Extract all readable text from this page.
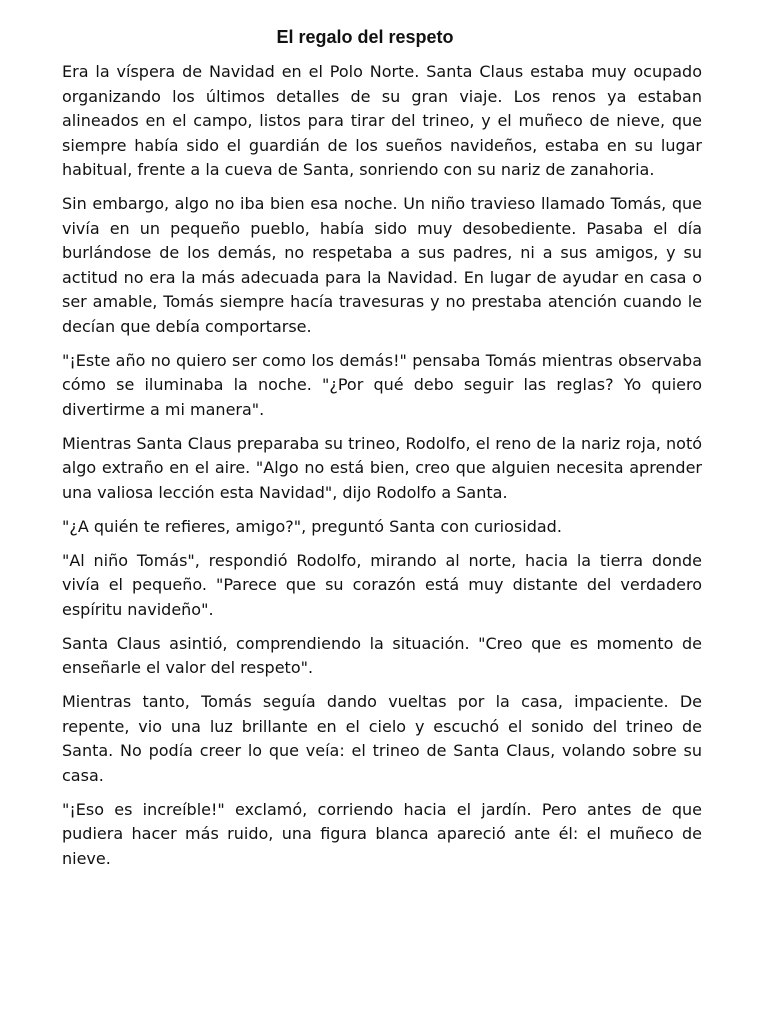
El regalo del respeto

Era la víspera de Navidad en el Polo Norte. Santa Claus estaba muy ocupado organizando los últimos detalles de su gran viaje. Los renos ya estaban alineados en el campo, listos para tirar del trineo, y el muñeco de nieve, que siempre había sido el guardián de los sueños navideños, estaba en su lugar habitual, frente a la cueva de Santa, sonriendo con su nariz de zanahoria.

Sin embargo, algo no iba bien esa noche. Un niño travieso llamado Tomás, que vivía en un pequeño pueblo, había sido muy desobediente. Pasaba el día burlándose de los demás, no respetaba a sus padres, ni a sus amigos, y su actitud no era la más adecuada para la Navidad. En lugar de ayudar en casa o ser amable, Tomás siempre hacía travesuras y no prestaba atención cuando le decían que debía comportarse.

"¡Este año no quiero ser como los demás!" pensaba Tomás mientras observaba cómo se iluminaba la noche. "¿Por qué debo seguir las reglas? Yo quiero divertirme a mi manera".

Mientras Santa Claus preparaba su trineo, Rodolfo, el reno de la nariz roja, notó algo extraño en el aire. "Algo no está bien, creo que alguien necesita aprender una valiosa lección esta Navidad", dijo Rodolfo a Santa.

"¿A quién te refieres, amigo?", preguntó Santa con curiosidad.

"Al niño Tomás", respondió Rodolfo, mirando al norte, hacia la tierra donde vivía el pequeño. "Parece que su corazón está muy distante del verdadero espíritu navideño".

Santa Claus asintió, comprendiendo la situación. "Creo que es momento de enseñarle el valor del respeto".

Mientras tanto, Tomás seguía dando vueltas por la casa, impaciente. De repente, vio una luz brillante en el cielo y escuchó el sonido del trineo de Santa. No podía creer lo que veía: el trineo de Santa Claus, volando sobre su casa.

"¡Eso es increíble!" exclamó, corriendo hacia el jardín. Pero antes de que pudiera hacer más ruido, una figura blanca apareció ante él: el muñeco de nieve.
